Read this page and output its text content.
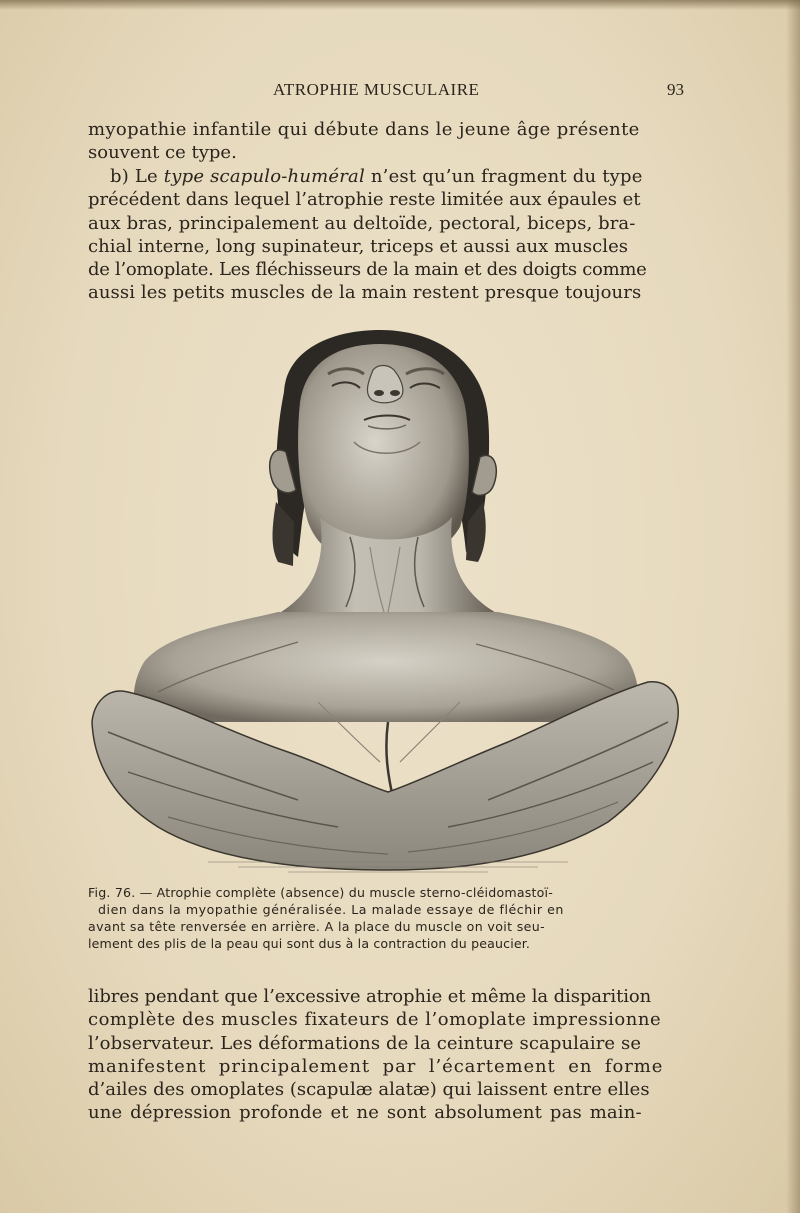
ATROPHIE MUSCULAIRE	93

myopathie infantile qui débute dans le jeune âge présente
souvent ce type.

b) Le type scapulo-huméral n’est qu’un fragment du type
précédent dans lequel l’atrophie reste limitée aux épaules et
aux bras, principalement au deltoïde, pectoral, biceps, bra-
chial interne, long supinateur, triceps et aussi aux muscles
de l’omoplate. Les fléchisseurs de la main et des doigts comme
aussi les petits muscles de la main restent presque toujours

Fig. 76. — Atrophie complète (absence) du muscle sterno-cléidomastoï-
dien dans la myopathie généralisée. La malade essaye de fléchir en
avant sa tête renversée en arrière. A la place du muscle on voit seu-
lement des plis de la peau qui sont dus à la contraction du peaucier.

libres pendant que l’excessive atrophie et même la disparition
complète des muscles fixateurs de l’omoplate impressionne
l’observateur. Les déformations de la ceinture scapulaire se
manifestent principalement par l’écartement en forme
d’ailes des omoplates (scapulæ alatæ) qui laissent entre elles
une dépression profonde et ne sont absolument pas main-
